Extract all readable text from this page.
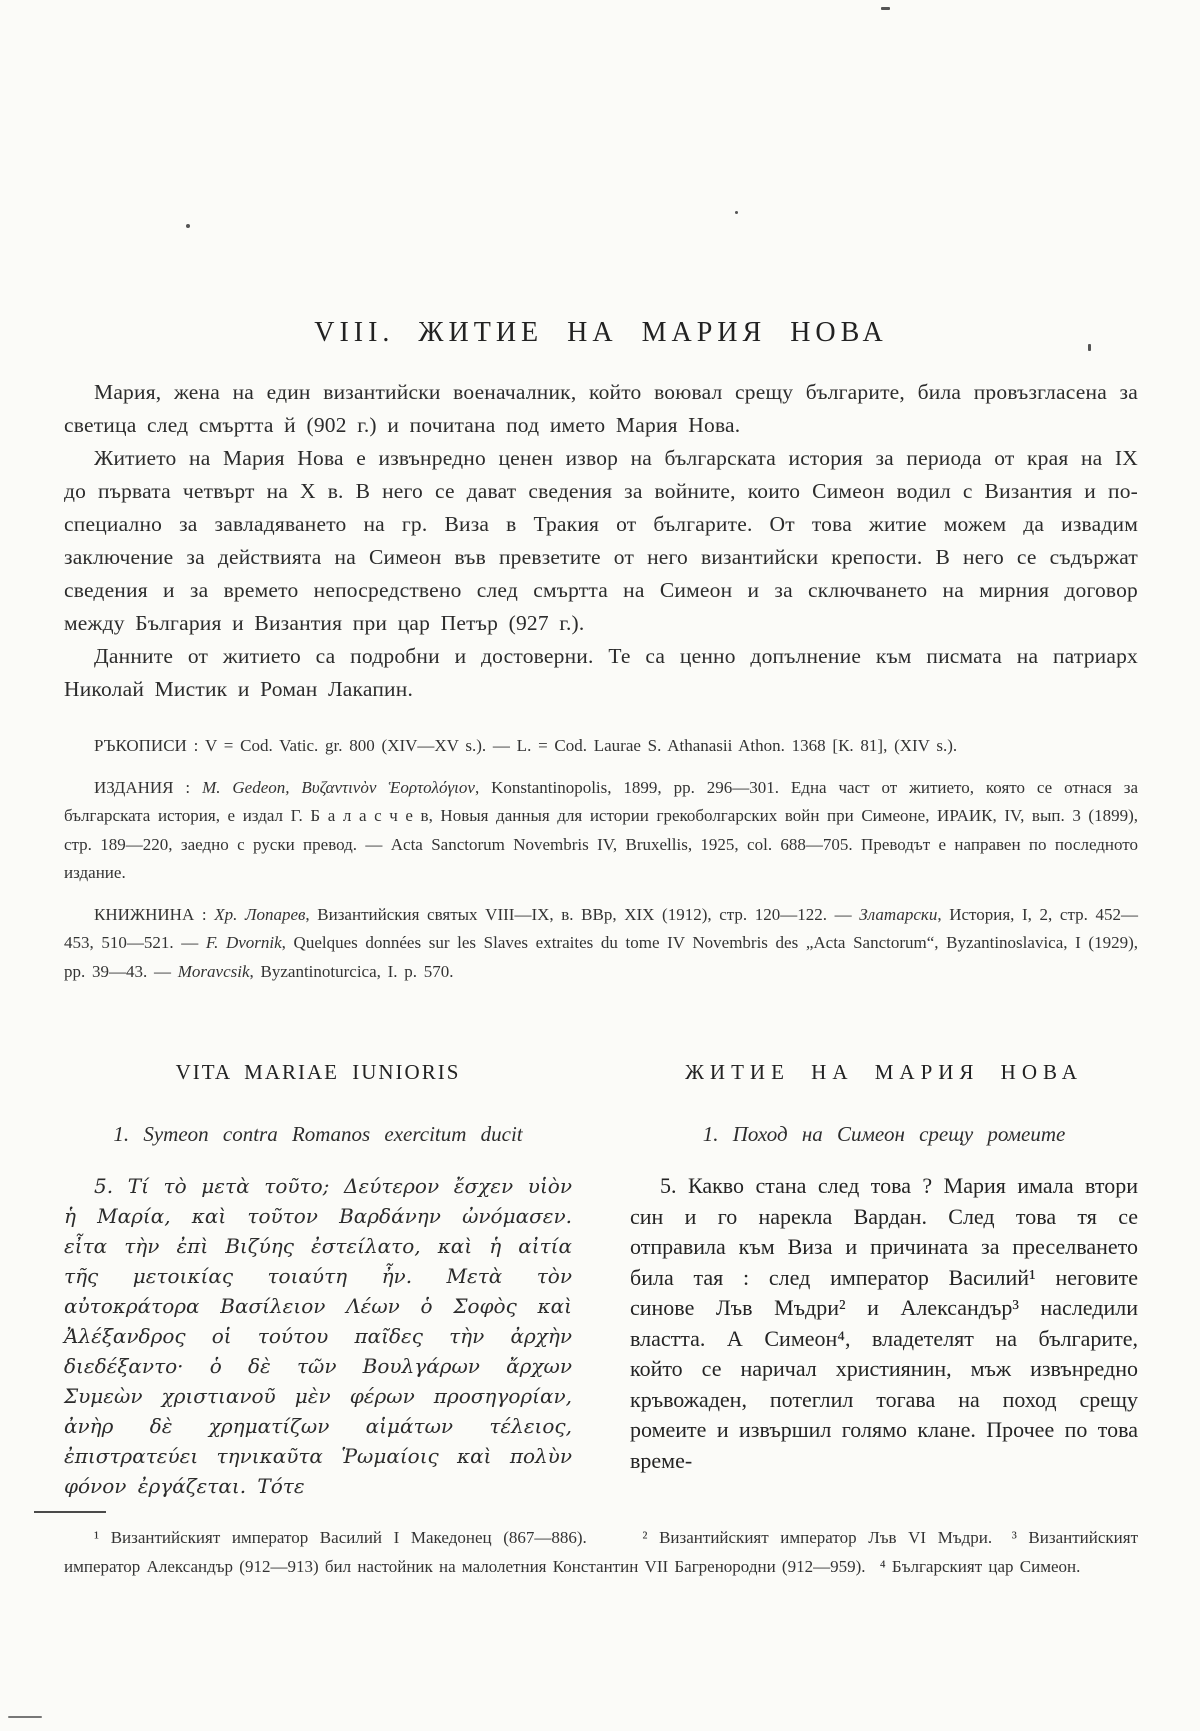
VIII. ЖИТИЕ НА МАРИЯ НОВА

Мария, жена на един византийски военачалник, който воювал срещу българите, била провъзгласена за светица след смъртта й (902 г.) и почитана под името Мария Нова.

Житието на Мария Нова е извънредно ценен извор на българската история за периода от края на IX до първата четвърт на X в. В него се дават сведения за войните, които Симеон водил с Византия и по-специално за завладяването на гр. Виза в Тракия от българите. От това житие можем да извадим заключение за действията на Симеон във превзетите от него византийски крепости. В него се съдържат сведения и за времето непосредствено след смъртта на Симеон и за сключването на мирния договор между България и Византия при цар Петър (927 г.).

Данните от житието са подробни и достоверни. Те са ценно допълнение към писмата на патриарх Николай Мистик и Роман Лакапин.

РЪКОПИСИ : V = Cod. Vatic. gr. 800 (XIV—XV s.). — L. = Cod. Laurae S. Athanasii Athon. 1368 [К. 81], (XIV s.).

ИЗДАНИЯ : М. Gedeon, Βυζαντινὸν Ἑορτολόγιον, Konstantinopolis, 1899, pp. 296—301. Една част от житието, която се отнася за българската история, е издал Г. Б а л а с ч е в, Новыя данныя для истории грекоболгарских войн при Симеоне, ИРАИК, IV, вып. 3 (1899), стр. 189—220, заедно с руски превод. — Acta Sanctorum Novembris IV, Bruxellis, 1925, col. 688—705. Преводът е направен по последното издание.

КНИЖНИНА : Хр. Лопарев, Византийския святых VIII—IX, в. ВВр, XIX (1912), стр. 120—122. — Златарски, История, I, 2, стр. 452—453, 510—521. — F. Dvornik, Quelques données sur les Slaves extraites du tome IV Novembris des „Acta Sanctorum“, Byzantinoslavica, I (1929), pp. 39—43. — Moravcsik, Byzantinoturcica, I. p. 570.

VITA MARIAE IUNIORIS
1. Symeon contra Romanos exercitum ducit

5. Τί τὸ μετὰ τοῦτο; Δεύτερον ἔσχεν υἱὸν ἡ Μαρία, καὶ τοῦτον Βαρδάνην ὠνόμασεν. εἶτα τὴν ἐπὶ Βιζύης ἐστείλατο, καὶ ἡ αἰτία τῆς μετοικίας τοιαύτη ἦν. Μετὰ τὸν αὐτοκράτορα Βασίλειον Λέων ὁ Σοφὸς καὶ Ἀλέξανδρος οἱ τούτου παῖδες τὴν ἀρχὴν διεδέξαντο· ὁ δὲ τῶν Βουλγάρων ἄρχων Συμεὼν χριστιανοῦ μὲν φέρων προσηγορίαν, ἀνὴρ δὲ χρηματίζων αἱμάτων τέλειος, ἐπιστρατεύει τηνικαῦτα Ῥωμαίοις καὶ πολὺν φόνον ἐργάζεται. Τότε

ЖИТИЕ НА МАРИЯ НОВА
1. Поход на Симеон срещу ромеите

5. Какво стана след това ? Мария имала втори син и го нарекла Вардан. След това тя се отправила към Виза и причината за преселването била тая : след император Василий¹ неговите синове Лъв Мъдри² и Александър³ наследили властта. А Симеон⁴, владетелят на българите, който се наричал християнин, мъж извънредно кръвожаден, потеглил тогава на поход срещу ромеите и извършил голямо клане. Прочее по това време-

¹ Византийският император Василий I Македонец (867—886).	² Византийският император Лъв VI Мъдри. ³ Византийският император Александър (912—913) бил настойник на малолетния Константин VII Багренородни (912—959). ⁴ Българският цар Симеон.
